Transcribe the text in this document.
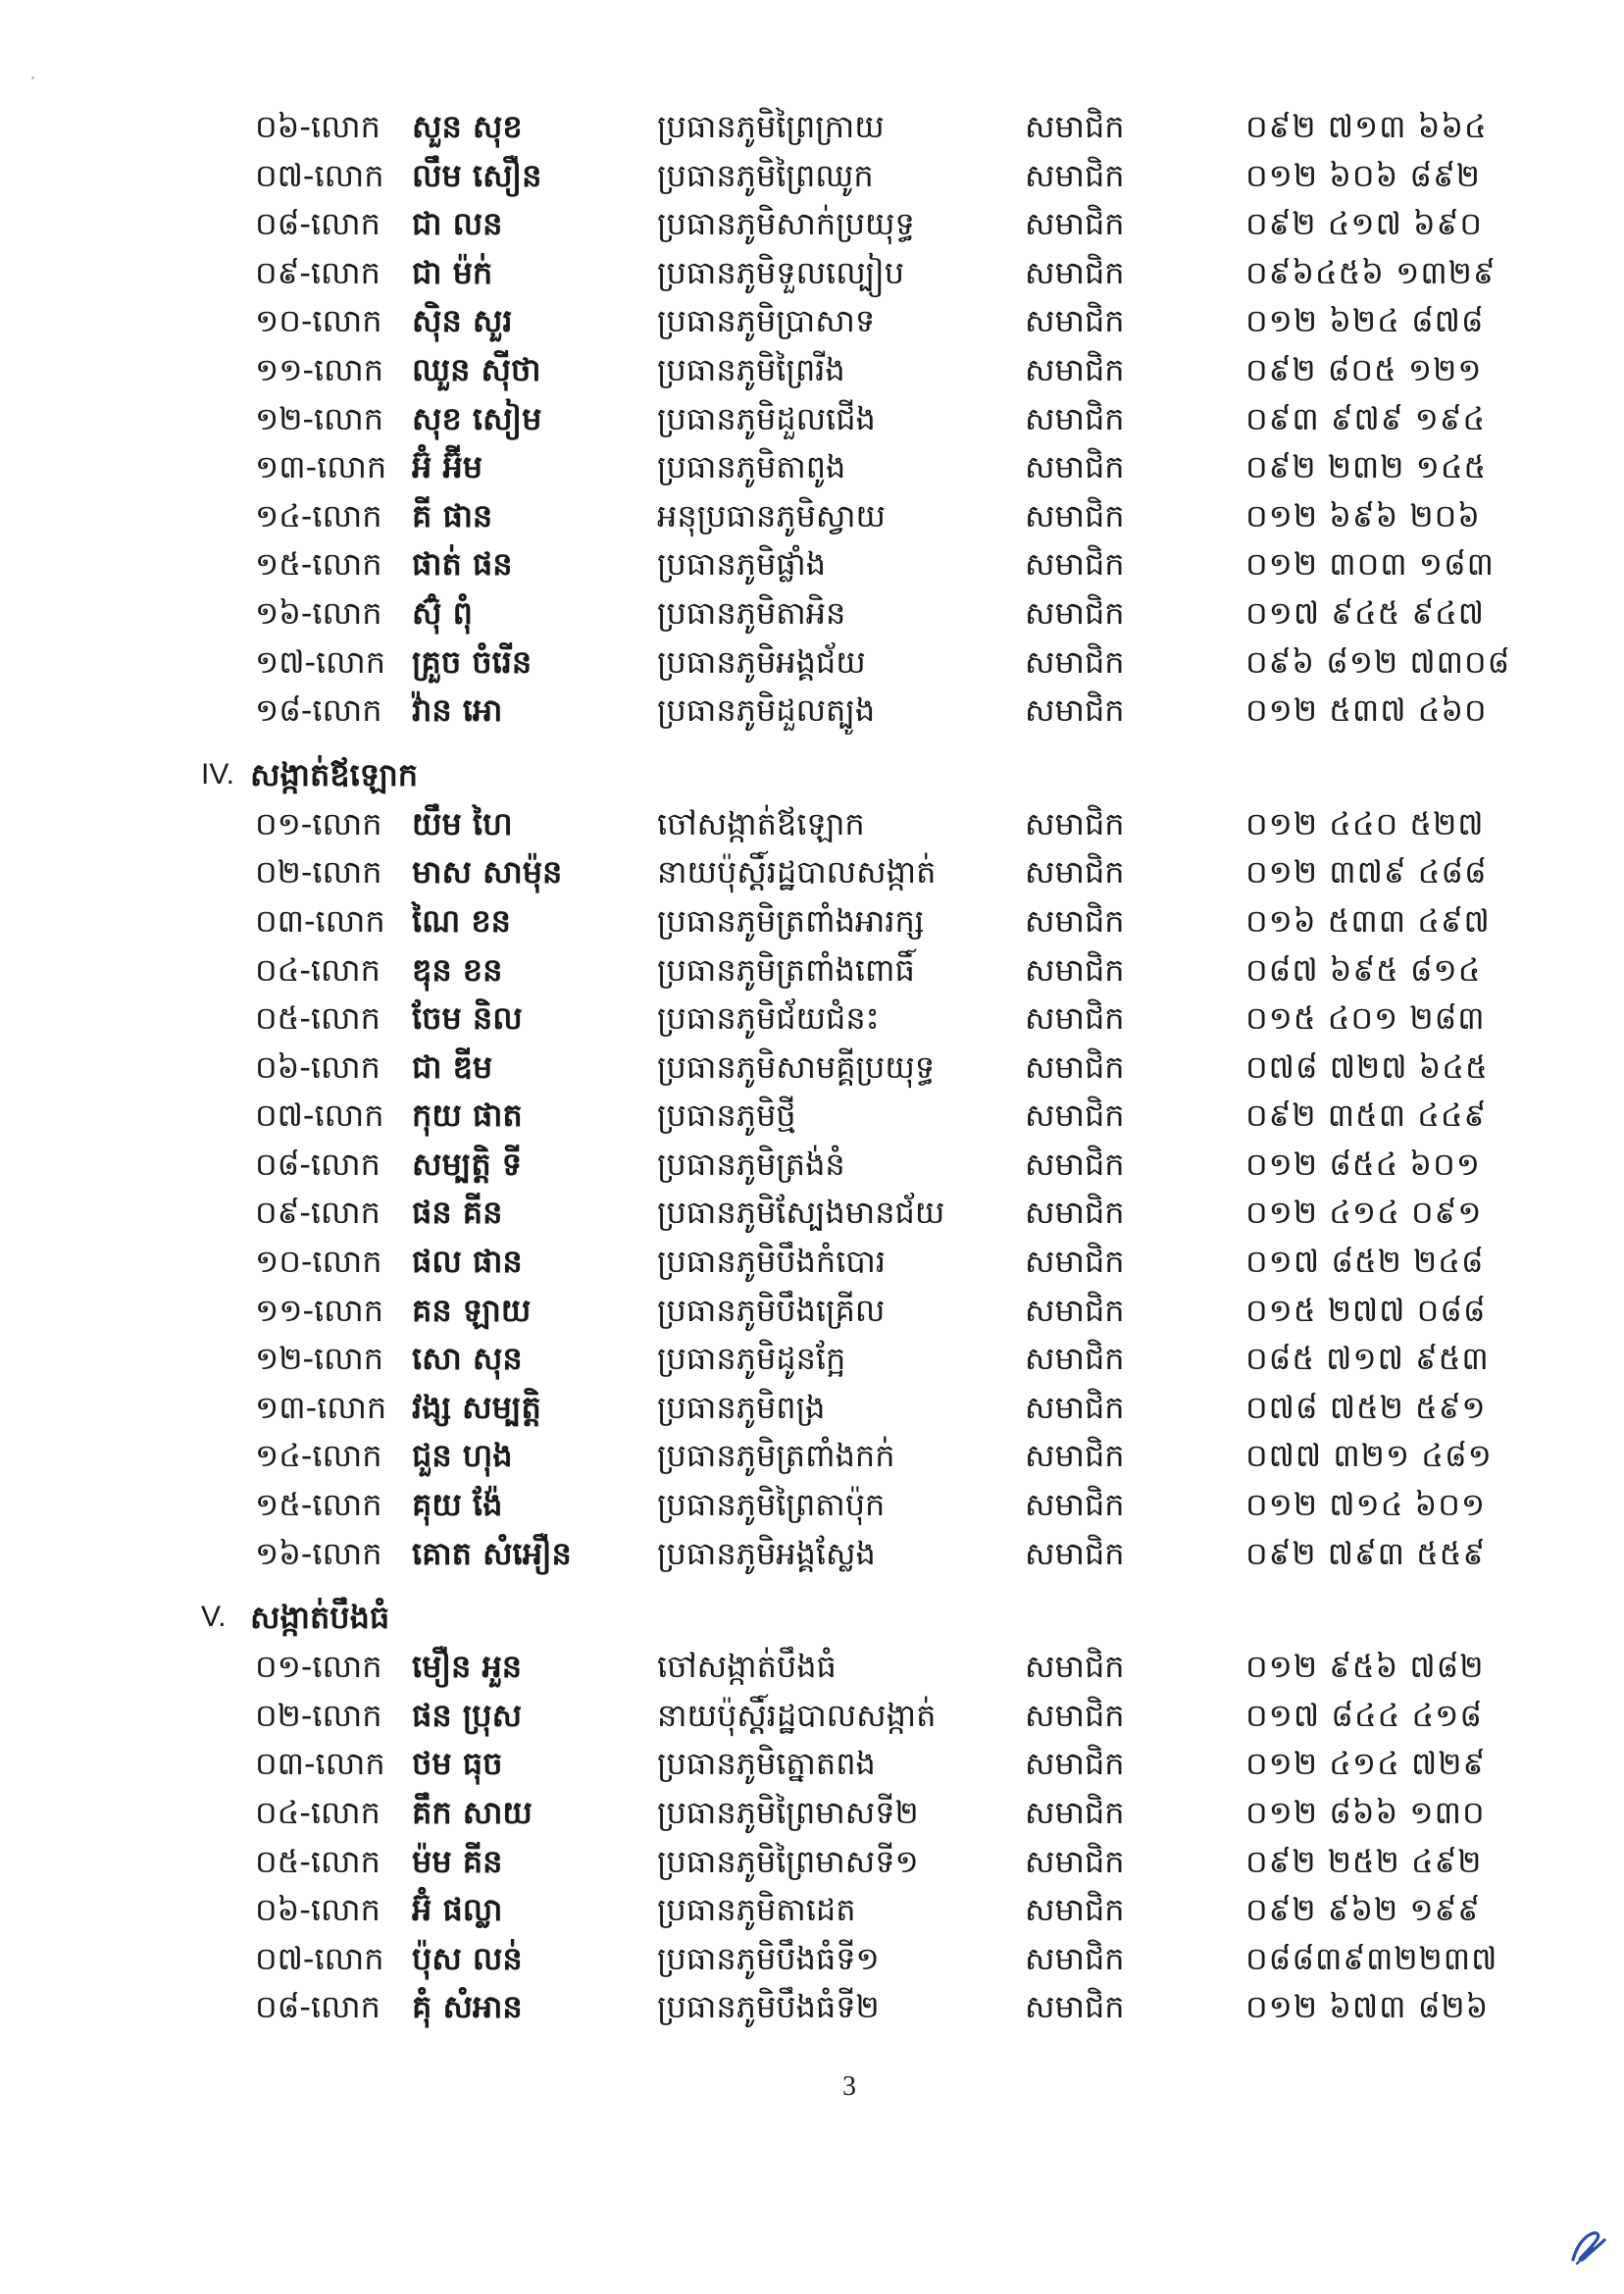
០៦-លោក សួន សុខ	ប្រធានភូមិព្រៃក្រាយ	សមាជិក	០៩២ ៧១៣ ៦៦៤
០៧-លោក លឹម សឿន	ប្រធានភូមិព្រៃឈូក	សមាជិក	០១២ ៦០៦ ៨៩២
០៨-លោក ជា លន	ប្រធានភូមិសាក់ប្រយុទ្ធ	សមាជិក	០៩២ ៤១៧ ៦៩០
០៩-លោក ជា ម៉ក់	ប្រធានភូមិទួលល្បៀប	សមាជិក	០៩៦៤៥៦ ១៣២៩
១០-លោក ស៊ិន សួរ	ប្រធានភូមិប្រាសាទ	សមាជិក	០១២ ៦២៤ ៨៧៨
១១-លោក ឈួន ស៊ីថា	ប្រធានភូមិព្រៃរីង	សមាជិក	០៩២ ៨០៥ ១២១
១២-លោក សុខ សៀម	ប្រធានភូមិដួលជើង	សមាជិក	០៩៣ ៩៧៩ ១៩៤
១៣-លោក អ៊ំ អ៊ីម	ប្រធានភូមិតាពូង	សមាជិក	០៩២ ២៣២ ១៤៥
១៤-លោក គី ផាន	អនុប្រធានភូមិស្វាយ	សមាជិក	០១២ ៦៩៦ ២០៦
១៥-លោក ផាត់ ផន	ប្រធានភូមិផ្លាំង	សមាជិក	០១២ ៣០៣ ១៨៣
១៦-លោក ស៊ុំ ពុំ	ប្រធានភូមិតាអិន	សមាជិក	០១៧ ៩៤៥ ៩៤៧
១៧-លោក គ្រួច ចំរើន	ប្រធានភូមិអង្គជ័យ	សមាជិក	០៩៦ ៨១២ ៧៣០៨
១៨-លោក វ៉ាន អោ	ប្រធានភូមិដួលត្បូង	សមាជិក	០១២ ៥៣៧ ៤៦០
IV. សង្កាត់ឪឡោក
០១-លោក យឹម ហៃ	ចៅសង្កាត់ឪឡោក	សមាជិក	០១២ ៤៤០ ៥២៧
០២-លោក មាស សាម៉ុន	នាយប៉ុស្តិ៍រដ្ឋបាលសង្កាត់	សមាជិក	០១២ ៣៧៩ ៤៨៨
០៣-លោក ណៃ ខន	ប្រធានភូមិត្រពាំងអារក្ស	សមាជិក	០១៦ ៥៣៣ ៤៩៧
០៤-លោក ឌុន ខន	ប្រធានភូមិត្រពាំងពោធិ៍	សមាជិក	០៨៧ ៦៩៥ ៨១៤
០៥-លោក ចែម និល	ប្រធានភូមិជ័យជំនះ	សមាជិក	០១៥ ៤០១ ២៨៣
០៦-លោក ជា ឌីម	ប្រធានភូមិសាមគ្គីប្រយុទ្ធ	សមាជិក	០៧៨ ៧២៧ ៦៤៥
០៧-លោក កុយ ផាត	ប្រធានភូមិថ្មី	សមាជិក	០៩២ ៣៥៣ ៤៤៩
០៨-លោក សម្បត្តិ ទី	ប្រធានភូមិត្រង់នំ	សមាជិក	០១២ ៨៥៤ ៦០១
០៩-លោក ផន គីន	ប្រធានភូមិស្បែងមានជ័យ	សមាជិក	០១២ ៤១៤ ០៩១
១០-លោក ផល ផាន	ប្រធានភូមិបឹងកំបោរ	សមាជិក	០១៧ ៨៥២ ២៤៨
១១-លោក គន ឡាយ	ប្រធានភូមិបឹងគ្រើល	សមាជិក	០១៥ ២៧៧ ០៨៨
១២-លោក សោ សុន	ប្រធានភូមិដូនក្អែ	សមាជិក	០៨៥ ៧១៧ ៩៥៣
១៣-លោក វង្ស សម្បត្តិ	ប្រធានភូមិពង្រ	សមាជិក	០៧៨ ៧៥២ ៥៩១
១៤-លោក ជួន ហុង	ប្រធានភូមិត្រពាំងកក់	សមាជិក	០៧៧ ៣២១ ៤៨១
១៥-លោក គុយ ង៉ែ	ប្រធានភូមិព្រៃតាប៉ុក	សមាជិក	០១២ ៧១៤ ៦០១
១៦-លោក គោត សំអឿន	ប្រធានភូមិអង្គស្លែង	សមាជិក	០៩២ ៧៩៣ ៥៥៩
V. សង្កាត់បឹងធំ
០១-លោក មឿន អួន	ចៅសង្កាត់បឹងធំ	សមាជិក	០១២ ៩៥៦ ៧៨២
០២-លោក ផន ប្រុស	នាយប៉ុស្តិ៍រដ្ឋបាលសង្កាត់	សមាជិក	០១៧ ៨៤៤ ៤១៨
០៣-លោក ថម ធុច	ប្រធានភូមិត្នោតពង	សមាជិក	០១២ ៤១៤ ៧២៩
០៤-លោក គឹក សាយ	ប្រធានភូមិព្រៃមាសទី២	សមាជិក	០១២ ៨៦៦ ១៣០
០៥-លោក ម៉ម គីន	ប្រធានភូមិព្រៃមាសទី១	សមាជិក	០៩២ ២៥២ ៤៩២
០៦-លោក អ៊ំ ផល្លា	ប្រធានភូមិតាដេត	សមាជិក	០៩២ ៩៦២ ១៩៩
០៧-លោក ប៉ុស លន់	ប្រធានភូមិបឹងធំទី១	សមាជិក	០៨៨៣៩៣២២៣៧
០៨-លោក គុំ សំអាន	ប្រធានភូមិបឹងធំទី២	សមាជិក	០១២ ៦៧៣ ៨២៦
3
